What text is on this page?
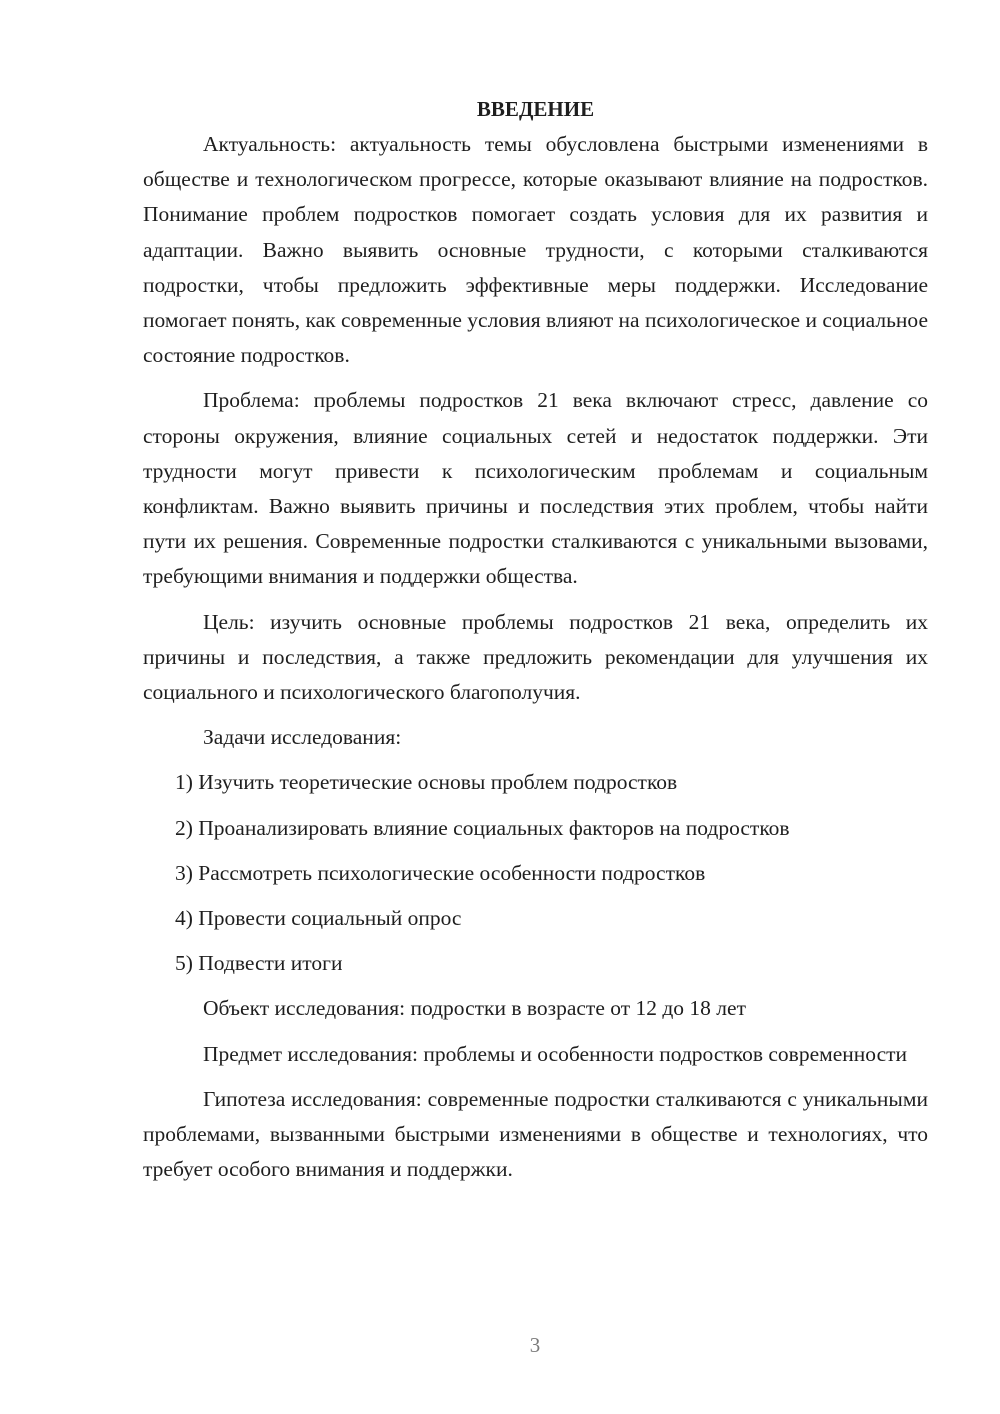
ВВЕДЕНИЕ

Актуальность: актуальность темы обусловлена быстрыми изменениями в обществе и технологическом прогрессе, которые оказывают влияние на подростков. Понимание проблем подростков помогает создать условия для их развития и адаптации. Важно выявить основные трудности, с которыми сталкиваются подростки, чтобы предложить эффективные меры поддержки. Исследование помогает понять, как современные условия влияют на психологическое и социальное состояние подростков.

Проблема: проблемы подростков 21 века включают стресс, давление со стороны окружения, влияние социальных сетей и недостаток поддержки. Эти трудности могут привести к психологическим проблемам и социальным конфликтам. Важно выявить причины и последствия этих проблем, чтобы найти пути их решения. Современные подростки сталкиваются с уникальными вызовами, требующими внимания и поддержки общества.

Цель: изучить основные проблемы подростков 21 века, определить их причины и последствия, а также предложить рекомендации для улучшения их социального и психологического благополучия.

Задачи исследования:

1) Изучить теоретические основы проблем подростков
2) Проанализировать влияние социальных факторов на подростков
3) Рассмотреть психологические особенности подростков
4) Провести социальный опрос
5) Подвести итоги

Объект исследования: подростки в возрасте от 12 до 18 лет

Предмет исследования: проблемы и особенности подростков современности

Гипотеза исследования: современные подростки сталкиваются с уникальными проблемами, вызванными быстрыми изменениями в обществе и технологиях, что требует особого внимания и поддержки.

3
